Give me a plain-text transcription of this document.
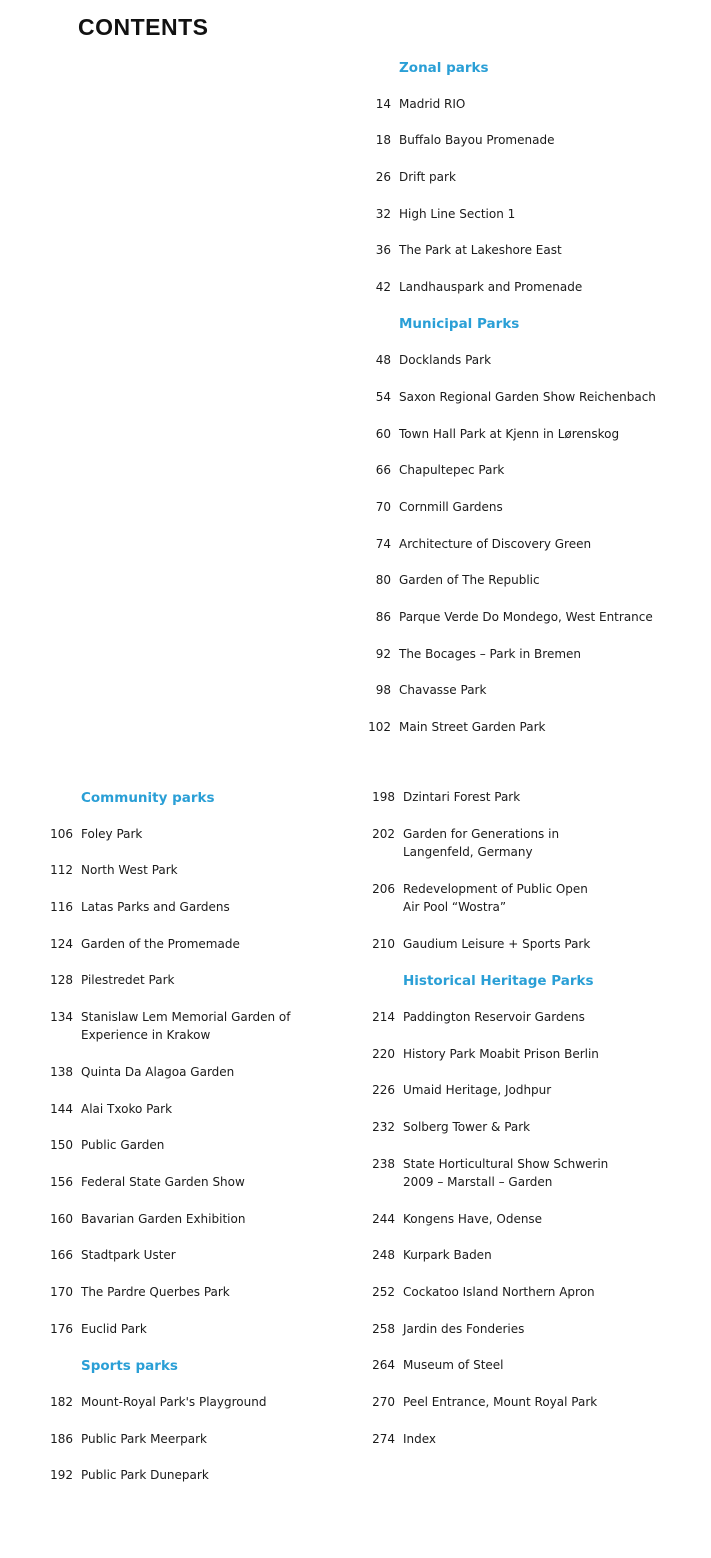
CONTENTS
Zonal parks
14 Madrid RIO
18 Buffalo Bayou Promenade
26 Drift park
32 High Line Section 1
36 The Park at Lakeshore East
42 Landhauspark and Promenade
Municipal Parks
48 Docklands Park
54 Saxon Regional Garden Show Reichenbach
60 Town Hall Park at Kjenn in Lørenskog
66 Chapultepec Park
70 Cornmill Gardens
74 Architecture of Discovery Green
80 Garden of The Republic
86 Parque Verde Do Mondego, West Entrance
92 The Bocages – Park in Bremen
98 Chavasse Park
102 Main Street Garden Park
Community parks
106 Foley Park
112 North West Park
116 Latas Parks and Gardens
124 Garden of the Promemade
128 Pilestredet Park
134 Stanislaw Lem Memorial Garden of
Experience in Krakow
138 Quinta Da Alagoa Garden
144 Alai Txoko Park
150 Public Garden
156 Federal State Garden Show
160 Bavarian Garden Exhibition
166 Stadtpark Uster
170 The Pardre Querbes Park
176 Euclid Park
Sports parks
182 Mount-Royal Park's Playground
186 Public Park Meerpark
192 Public Park Dunepark
198 Dzintari Forest Park
202 Garden for Generations in
Langenfeld, Germany
206 Redevelopment of Public Open
Air Pool “Wostra”
210 Gaudium Leisure + Sports Park
Historical Heritage Parks
214 Paddington Reservoir Gardens
220 History Park Moabit Prison Berlin
226 Umaid Heritage, Jodhpur
232 Solberg Tower & Park
238 State Horticultural Show Schwerin
2009 – Marstall – Garden
244 Kongens Have, Odense
248 Kurpark Baden
252 Cockatoo Island Northern Apron
258 Jardin des Fonderies
264 Museum of Steel
270 Peel Entrance, Mount Royal Park
274 Index
